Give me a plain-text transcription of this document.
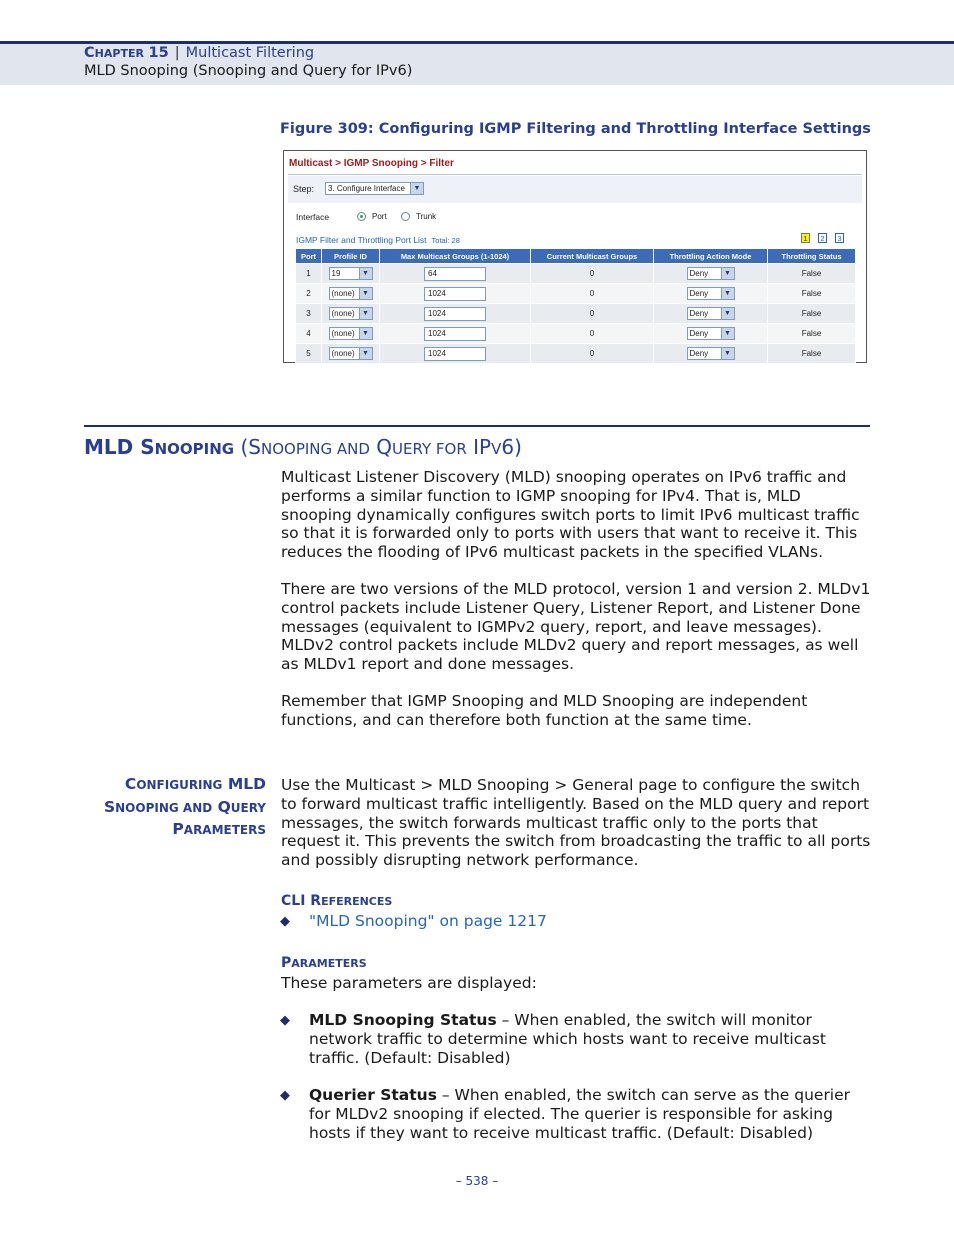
CHAPTER 15 | Multicast Filtering
MLD Snooping (Snooping and Query for IPv6)
Figure 309: Configuring IGMP Filtering and Throttling Interface Settings
Multicast > IGMP Snooping > Filter
Step:	3. Configure Interface	▼
Interface	Port	Trunk
IGMP Filter and Throttling Port List Total: 28	1	2	3
Port	Profile ID	Max Multicast Groups (1-1024)	Current Multicast Groups	Throttling Action Mode	Throttling Status
1	19 ▼	64	0	Deny ▼	False
2	(none) ▼	1024	0	Deny ▼	False
3	(none) ▼	1024	0	Deny ▼	False
4	(none) ▼	1024	0	Deny ▼	False
5	(none) ▼	1024	0	Deny ▼	False
MLD SNOOPING (SNOOPING AND QUERY FOR IPV6)
Multicast Listener Discovery (MLD) snooping operates on IPv6 traffic and performs a similar function to IGMP snooping for IPv4. That is, MLD snooping dynamically configures switch ports to limit IPv6 multicast traffic so that it is forwarded only to ports with users that want to receive it. This reduces the flooding of IPv6 multicast packets in the specified VLANs.
There are two versions of the MLD protocol, version 1 and version 2. MLDv1 control packets include Listener Query, Listener Report, and Listener Done messages (equivalent to IGMPv2 query, report, and leave messages). MLDv2 control packets include MLDv2 query and report messages, as well as MLDv1 report and done messages.
Remember that IGMP Snooping and MLD Snooping are independent functions, and can therefore both function at the same time.
CONFIGURING MLD
SNOOPING AND QUERY
PARAMETERS
Use the Multicast > MLD Snooping > General page to configure the switch to forward multicast traffic intelligently. Based on the MLD query and report messages, the switch forwards multicast traffic only to the ports that request it. This prevents the switch from broadcasting the traffic to all ports and possibly disrupting network performance.
CLI REFERENCES
◆ "MLD Snooping" on page 1217
PARAMETERS
These parameters are displayed:
◆ MLD Snooping Status – When enabled, the switch will monitor network traffic to determine which hosts want to receive multicast traffic. (Default: Disabled)
◆ Querier Status – When enabled, the switch can serve as the querier for MLDv2 snooping if elected. The querier is responsible for asking hosts if they want to receive multicast traffic. (Default: Disabled)
– 538 –
